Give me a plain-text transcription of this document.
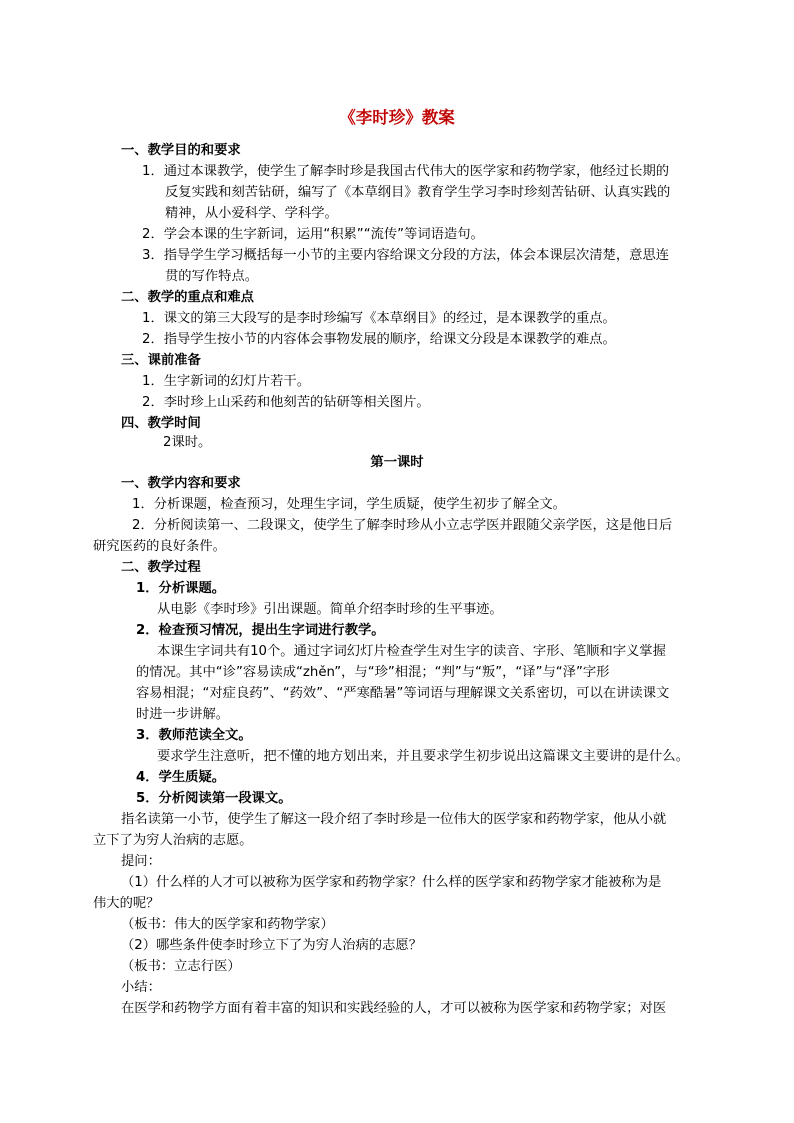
《李时珍》教案
一、教学目的和要求
1．通过本课教学，使学生了解李时珍是我国古代伟大的医学家和药物学家，他经过长期的
反复实践和刻苦钻研，编写了《本草纲目》教育学生学习李时珍刻苦钻研、认真实践的
精神，从小爱科学、学科学。
2．学会本课的生字新词，运用“积累”“流传”等词语造句。
3．指导学生学习概括每一小节的主要内容给课文分段的方法，体会本课层次清楚，意思连
贯的写作特点。
二、教学的重点和难点
1．课文的第三大段写的是李时珍编写《本草纲目》的经过，是本课教学的重点。
2．指导学生按小节的内容体会事物发展的顺序，给课文分段是本课教学的难点。
三、课前准备
1．生字新词的幻灯片若干。
2．李时珍上山采药和他刻苦的钻研等相关图片。
四、教学时间
2课时。
第一课时
一、教学内容和要求
1．分析课题，检查预习，处理生字词，学生质疑，使学生初步了解全文。
2．分析阅读第一、二段课文，使学生了解李时珍从小立志学医并跟随父亲学医，这是他日后
研究医药的良好条件。
二、教学过程
1．分析课题。
从电影《李时珍》引出课题。简单介绍李时珍的生平事迹。
2．检查预习情况，提出生字词进行教学。
本课生字词共有10个。通过字词幻灯片检查学生对生字的读音、字形、笔顺和字义掌握
的情况。其中“诊”容易读成“zhěn”，与“珍”相混；“判”与“叛”，“译”与“泽”字形
容易相混；“对症良药”、“药效”、“严寒酷暑”等词语与理解课文关系密切，可以在讲读课文
时进一步讲解。
3．教师范读全文。
要求学生注意听，把不懂的地方划出来，并且要求学生初步说出这篇课文主要讲的是什么。
4．学生质疑。
5．分析阅读第一段课文。
指名读第一小节，使学生了解这一段介绍了李时珍是一位伟大的医学家和药物学家，他从小就
立下了为穷人治病的志愿。
提问：
（1）什么样的人才可以被称为医学家和药物学家？什么样的医学家和药物学家才能被称为是
伟大的呢？
（板书：伟大的医学家和药物学家）
（2）哪些条件使李时珍立下了为穷人治病的志愿？
（板书：立志行医）
小结：
在医学和药物学方面有着丰富的知识和实践经验的人，才可以被称为医学家和药物学家；对医
